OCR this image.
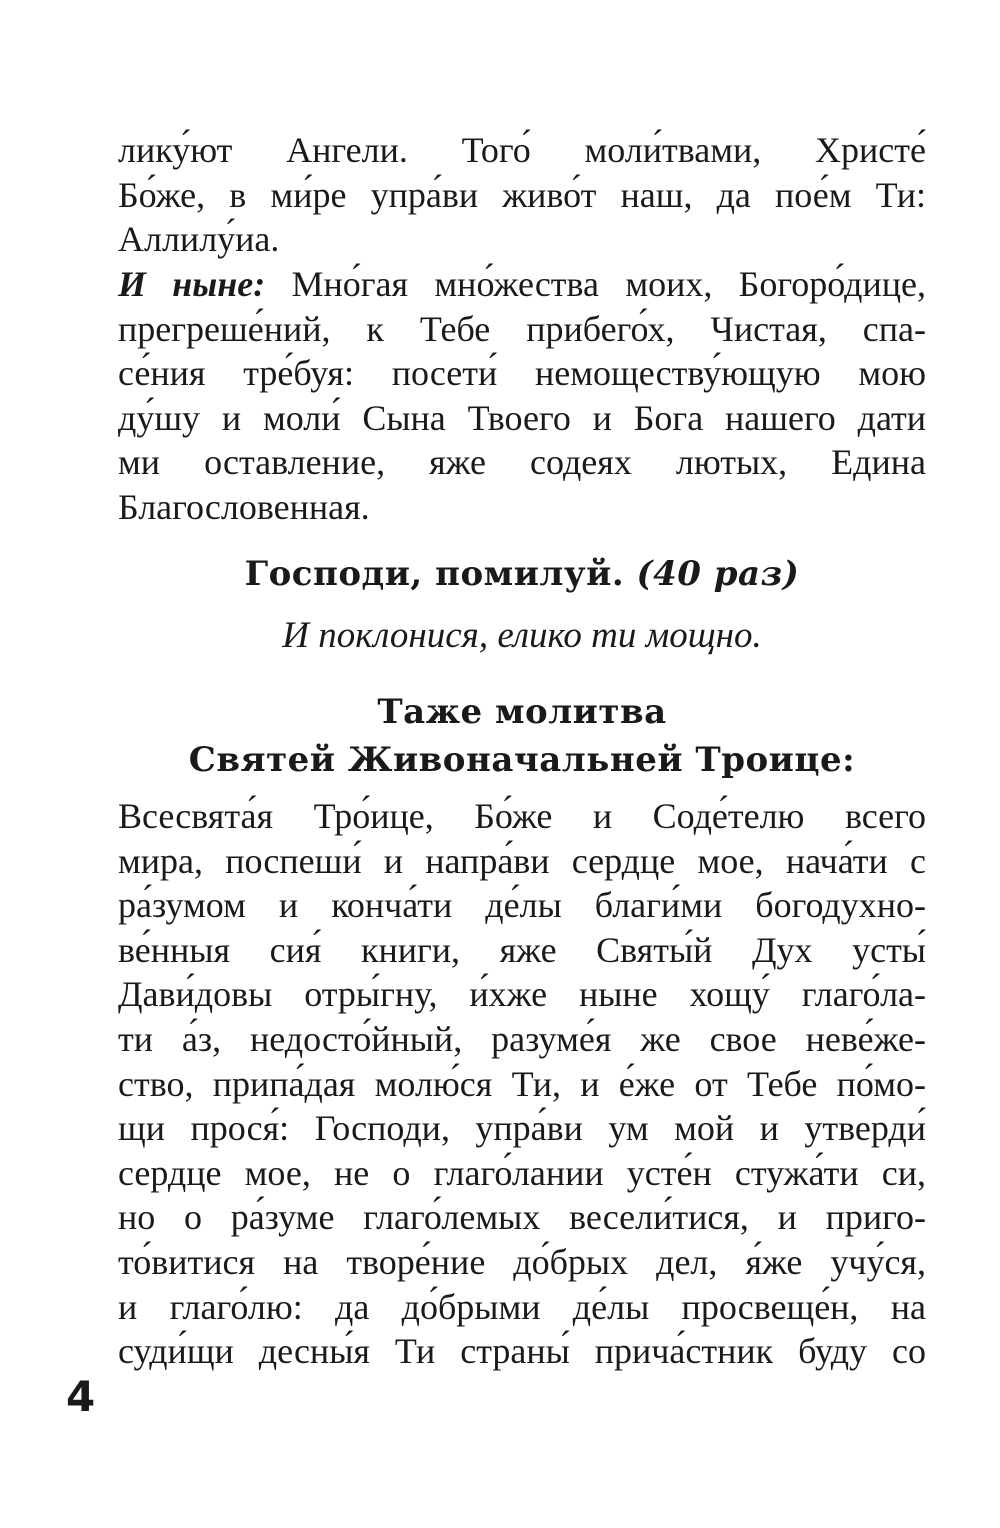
лику́ют Ангели. Того́ моли́твами, Христе́
Бо́же, в ми́ре упра́ви живо́т наш, да пое́м Ти:
Аллилу́иа.
И ныне: Мно́гая мно́жества моих, Богоро́дице,
прегреше́ний, к Тебе прибего́х, Чистая, спа-
се́ния тре́буя: посети́ немоществу́ющую мою
ду́шу и моли́ Сына Твоего и Бога нашего дати
ми оставление, яже содеях лютых, Едина
Благословенная.
Господи, помилуй. (40 раз)
И поклонися, елико ти мощно.
Таже молитва
Святей Живоначальней Троице:
Всесвята́я Тро́ице, Бо́же и Соде́телю всего
мира, поспеши́ и напра́ви сердце мое, нача́ти с
ра́зумом и конча́ти де́лы благи́ми богодухно-
ве́нныя сия́ книги, яже Святы́й Дух усты́
Дави́довы отры́гну, и́хже ныне хощу́ глаго́ла-
ти а́з, недосто́йный, разуме́я же свое неве́же-
ство, припа́дая молю́ся Ти, и е́же от Тебе по́мо-
щи прося́: Господи, упра́ви ум мой и утверди́
сердце мое, не о глаго́лании усте́н стужа́ти си,
но о ра́зуме глаго́лемых весели́тися, и приго-
то́витися на творе́ние до́брых дел, я́же учу́ся,
и глаго́лю: да до́брыми де́лы просвеще́н, на
суди́щи десны́я Ти страны́ прича́стник буду со
4
